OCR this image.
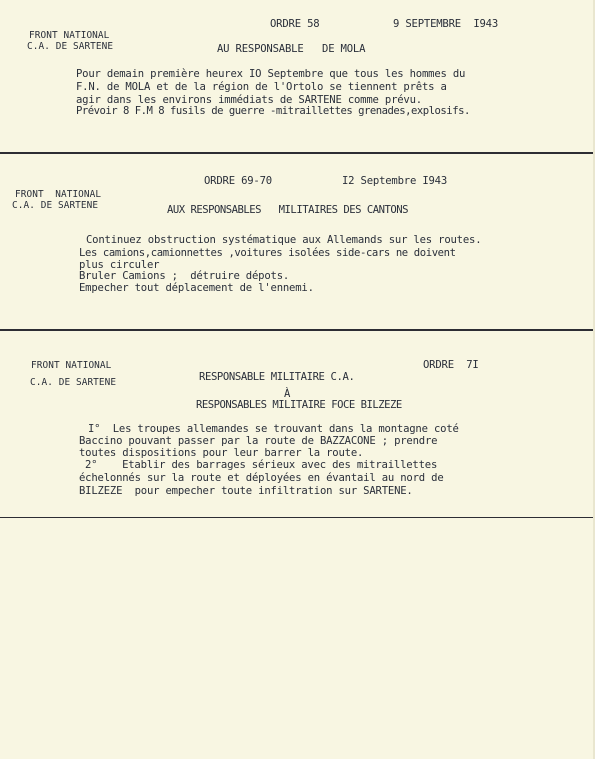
FRONT NATIONAL
C.A. DE SARTENE
ORDRE 58	9 SEPTEMBRE  I943
AU RESPONSABLE   DE MOLA
Pour demain première heurex IO Septembre que tous les hommes du
F.N. de MOLA et de la région de l'Ortolo se tiennent prêts a
agir dans les environs immédiats de SARTENE comme prévu.
Prévoir 8 F.M 8 fusils de guerre -mitraillettes grenades,explosifs.
FRONT  NATIONAL
C.A. DE SARTENE
ORDRE 69-70	I2 Septembre I943
AUX RESPONSABLES   MILITAIRES DES CANTONS
Continuez obstruction systématique aux Allemands sur les routes.
Les camions,camionnettes ,voitures isolées side-cars ne doivent
plus circuler
Bruler Camions ;  détruire dépots.
Empecher tout déplacement de l'ennemi.
FRONT NATIONAL
C.A. DE SARTENE
ORDRE  7I
RESPONSABLE MILITAIRE C.A.
À
RESPONSABLES MILITAIRE FOCE BILZEZE
I°  Les troupes allemandes se trouvant dans la montagne coté
Baccino pouvant passer par la route de BAZZACONE ; prendre
toutes dispositions pour leur barrer la route.
2°    Etablir des barrages sérieux avec des mitraillettes
échelonnés sur la route et déployées en évantail au nord de
BILZEZE  pour empecher toute infiltration sur SARTENE.
